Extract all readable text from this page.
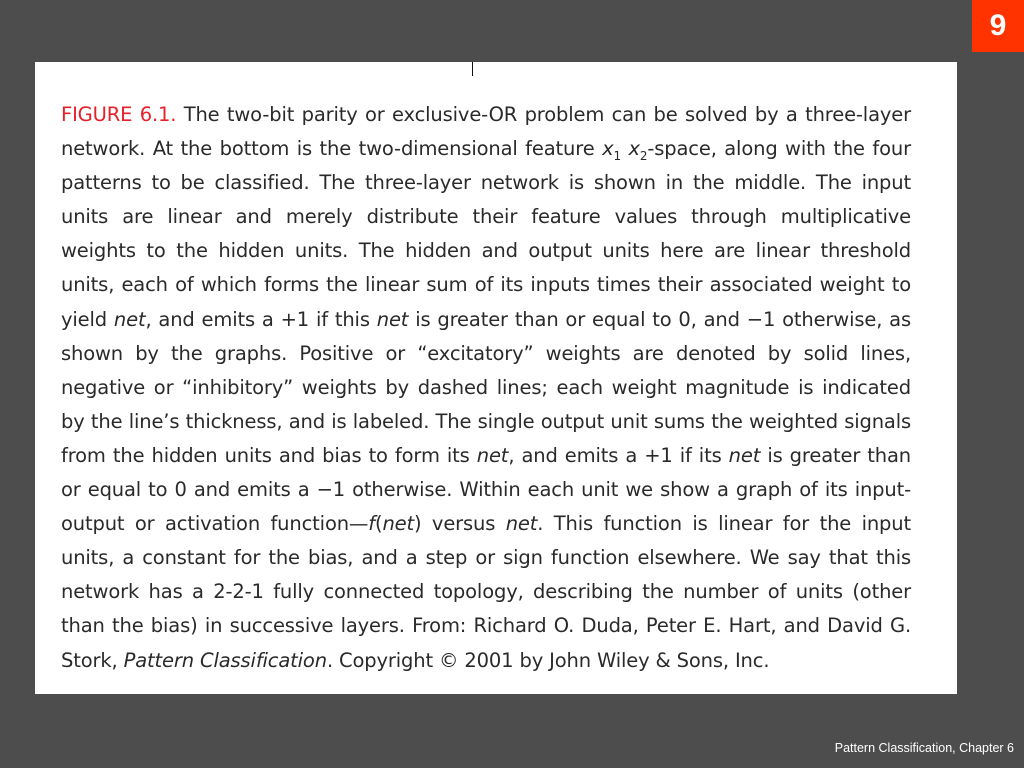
9

FIGURE 6.1. The two-bit parity or exclusive-OR problem can be solved by a three-layer network. At the bottom is the two-dimensional feature $x_1$ $x_2$-space, along with the four patterns to be classified. The three-layer network is shown in the middle. The input units are linear and merely distribute their feature values through multiplicative weights to the hidden units. The hidden and output units here are linear threshold units, each of which forms the linear sum of its inputs times their associated weight to yield net, and emits a +1 if this net is greater than or equal to 0, and −1 otherwise, as shown by the graphs. Positive or “excitatory” weights are denoted by solid lines, negative or “inhibitory” weights by dashed lines; each weight magnitude is indicated by the line’s thickness, and is labeled. The single output unit sums the weighted signals from the hidden units and bias to form its net, and emits a +1 if its net is greater than or equal to 0 and emits a −1 otherwise. Within each unit we show a graph of its input-output or activation function—f(net) versus net. This function is linear for the input units, a constant for the bias, and a step or sign function elsewhere. We say that this network has a 2-2-1 fully connected topology, describing the number of units (other than the bias) in successive layers. From: Richard O. Duda, Peter E. Hart, and David G. Stork, Pattern Classification. Copyright © 2001 by John Wiley & Sons, Inc.

Pattern Classification, Chapter 6
